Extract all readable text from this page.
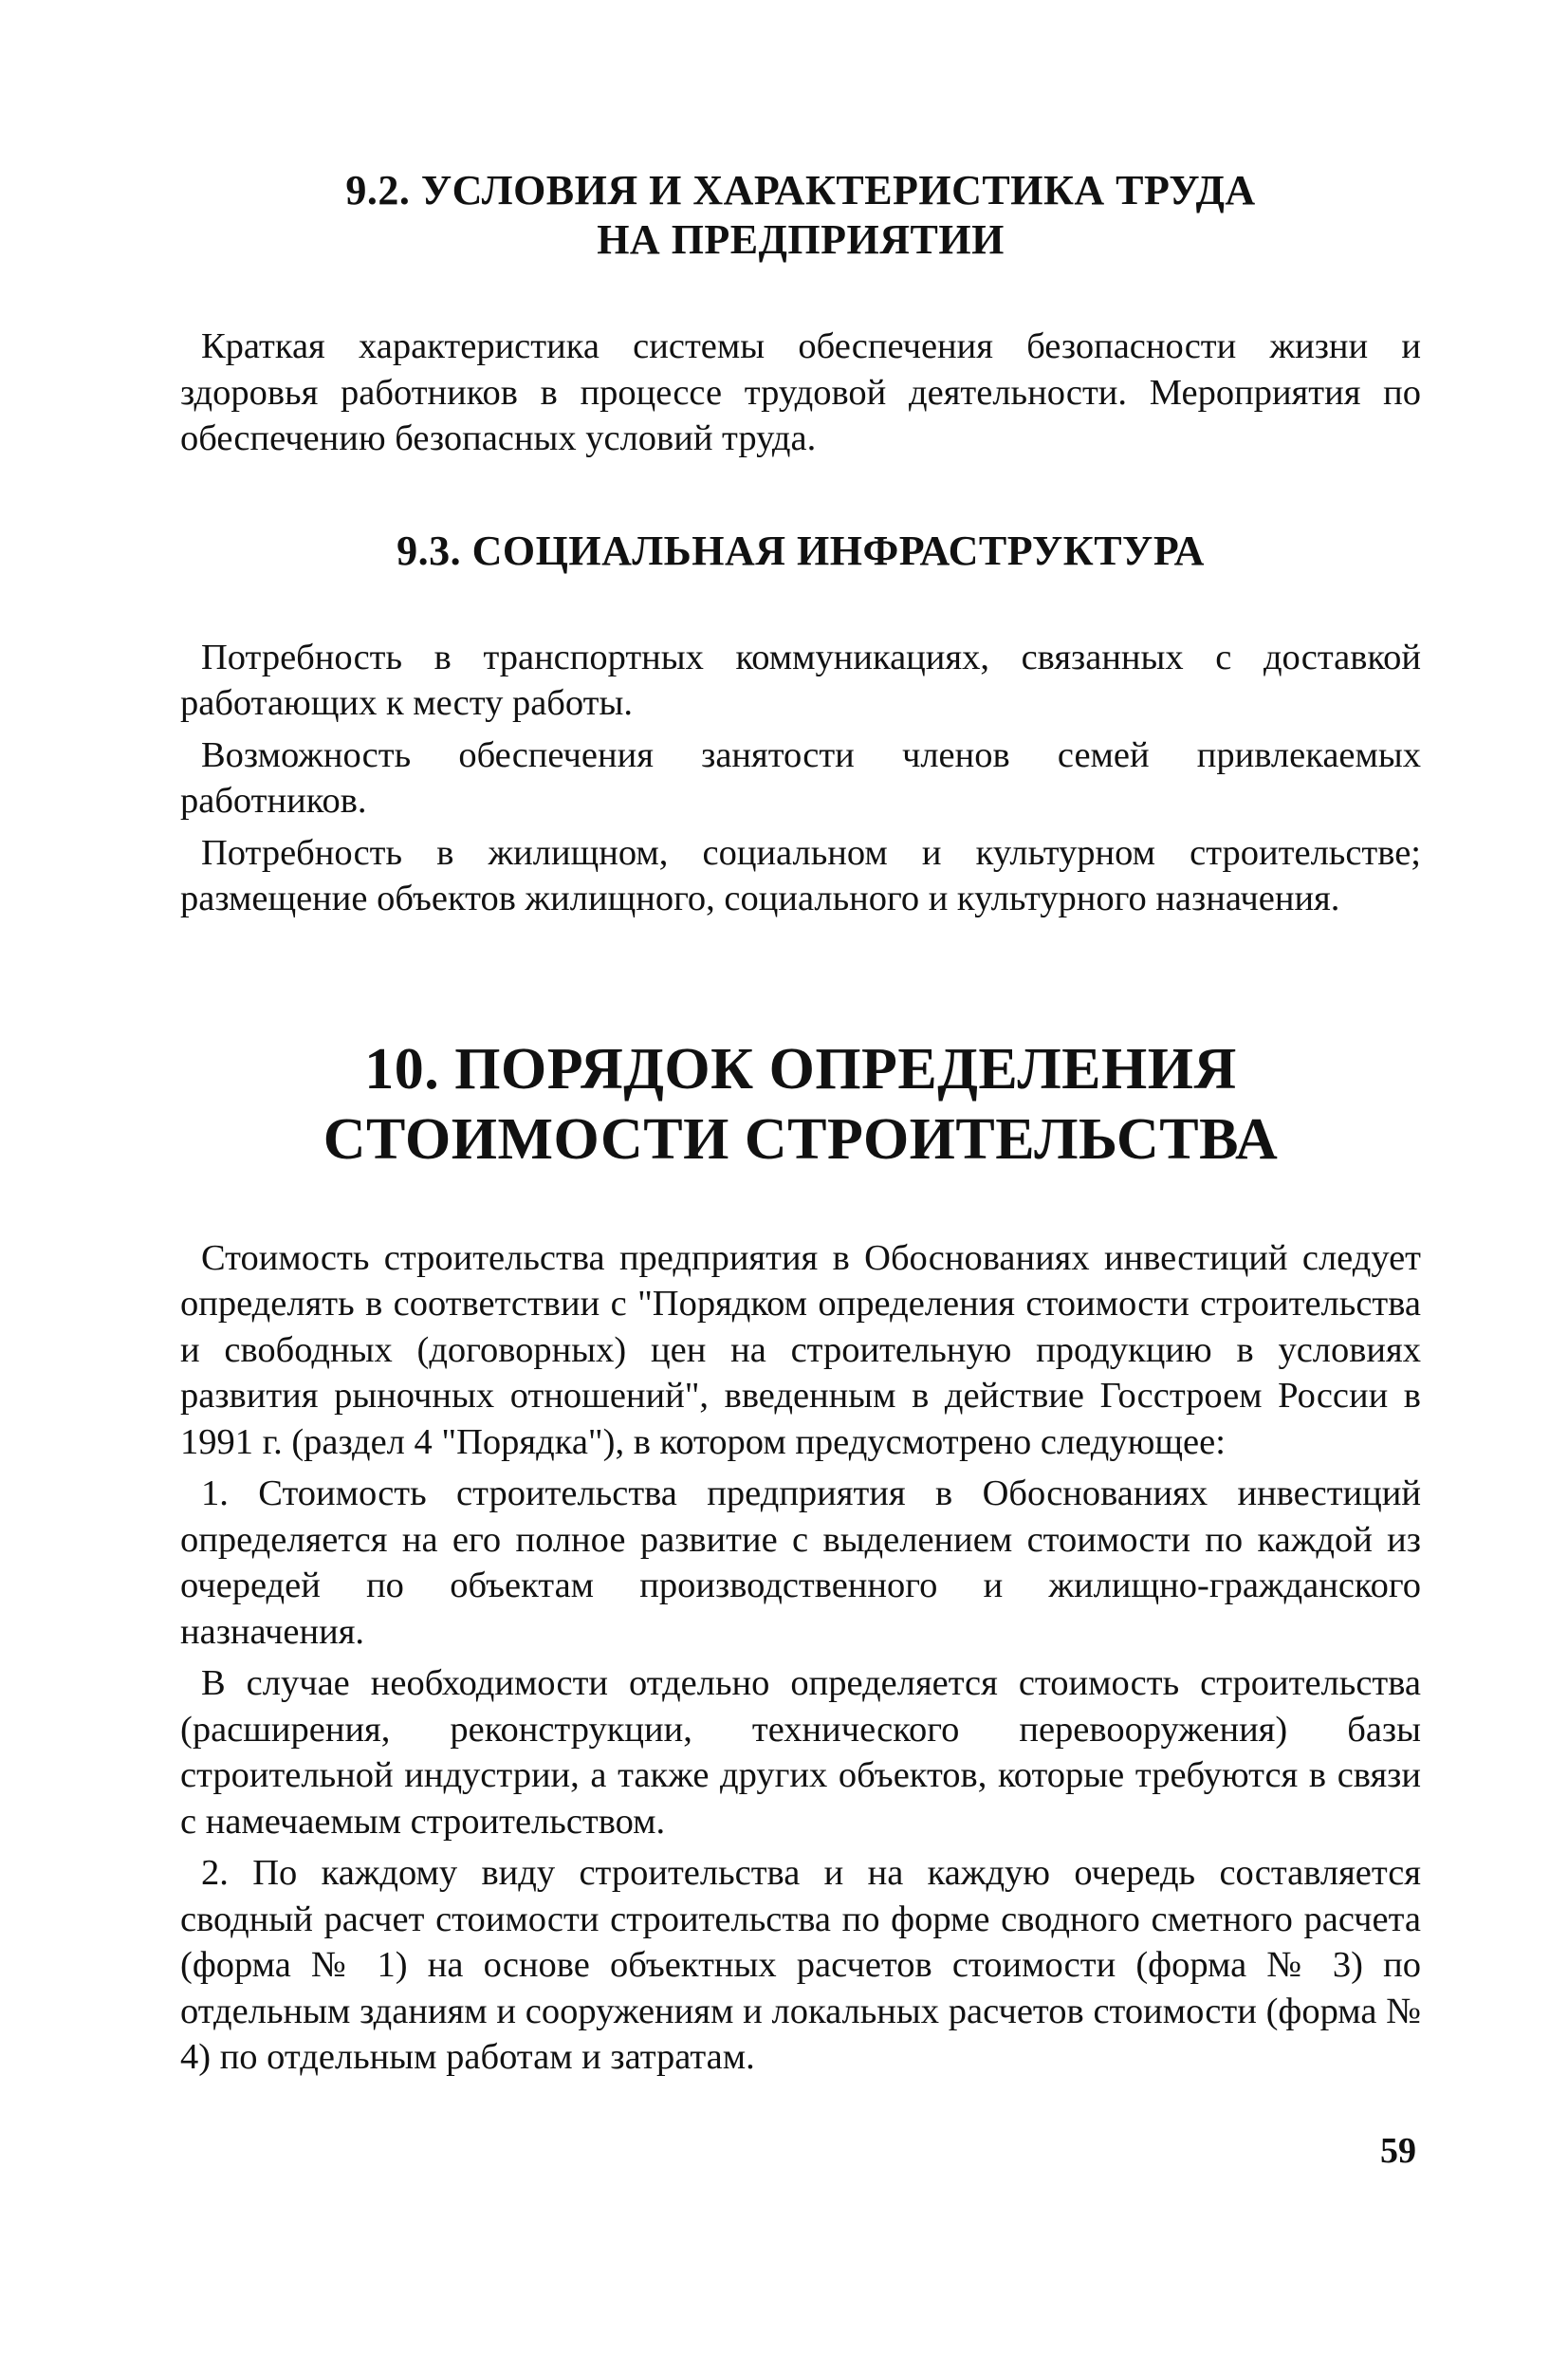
9.2. УСЛОВИЯ И ХАРАКТЕРИСТИКА ТРУДА
НА ПРЕДПРИЯТИИ

Краткая характеристика системы обеспечения безопасности жизни и здоровья работников в процессе трудовой деятельности. Мероприятия по обеспечению безопасных условий труда.

9.3. СОЦИАЛЬНАЯ ИНФРАСТРУКТУРА

Потребность в транспортных коммуникациях, связанных с доставкой работающих к месту работы.

Возможность обеспечения занятости членов семей привлекаемых работников.

Потребность в жилищном, социальном и культурном строительстве; размещение объектов жилищного, социального и культурного назначения.

10. ПОРЯДОК ОПРЕДЕЛЕНИЯ
СТОИМОСТИ СТРОИТЕЛЬСТВА

Стоимость строительства предприятия в Обоснованиях инвестиций следует определять в соответствии с "Порядком определения стоимости строительства и свободных (договорных) цен на строительную продукцию в условиях развития рыночных отношений", введенным в действие Госстроем России в 1991 г. (раздел 4 "Порядка"), в котором предусмотрено следующее:

1. Стоимость строительства предприятия в Обоснованиях инвестиций определяется на его полное развитие с выделением стоимости по каждой из очередей по объектам производственного и жилищно-гражданского назначения.

В случае необходимости отдельно определяется стоимость строительства (расширения, реконструкции, технического перевооружения) базы строительной индустрии, а также других объектов, которые требуются в связи с намечаемым строительством.

2. По каждому виду строительства и на каждую очередь составляется сводный расчет стоимости строительства по форме сводного сметного расчета (форма № 1) на основе объектных расчетов стоимости (форма № 3) по отдельным зданиям и сооружениям и локальных расчетов стоимости (форма № 4) по отдельным работам и затратам.

59
